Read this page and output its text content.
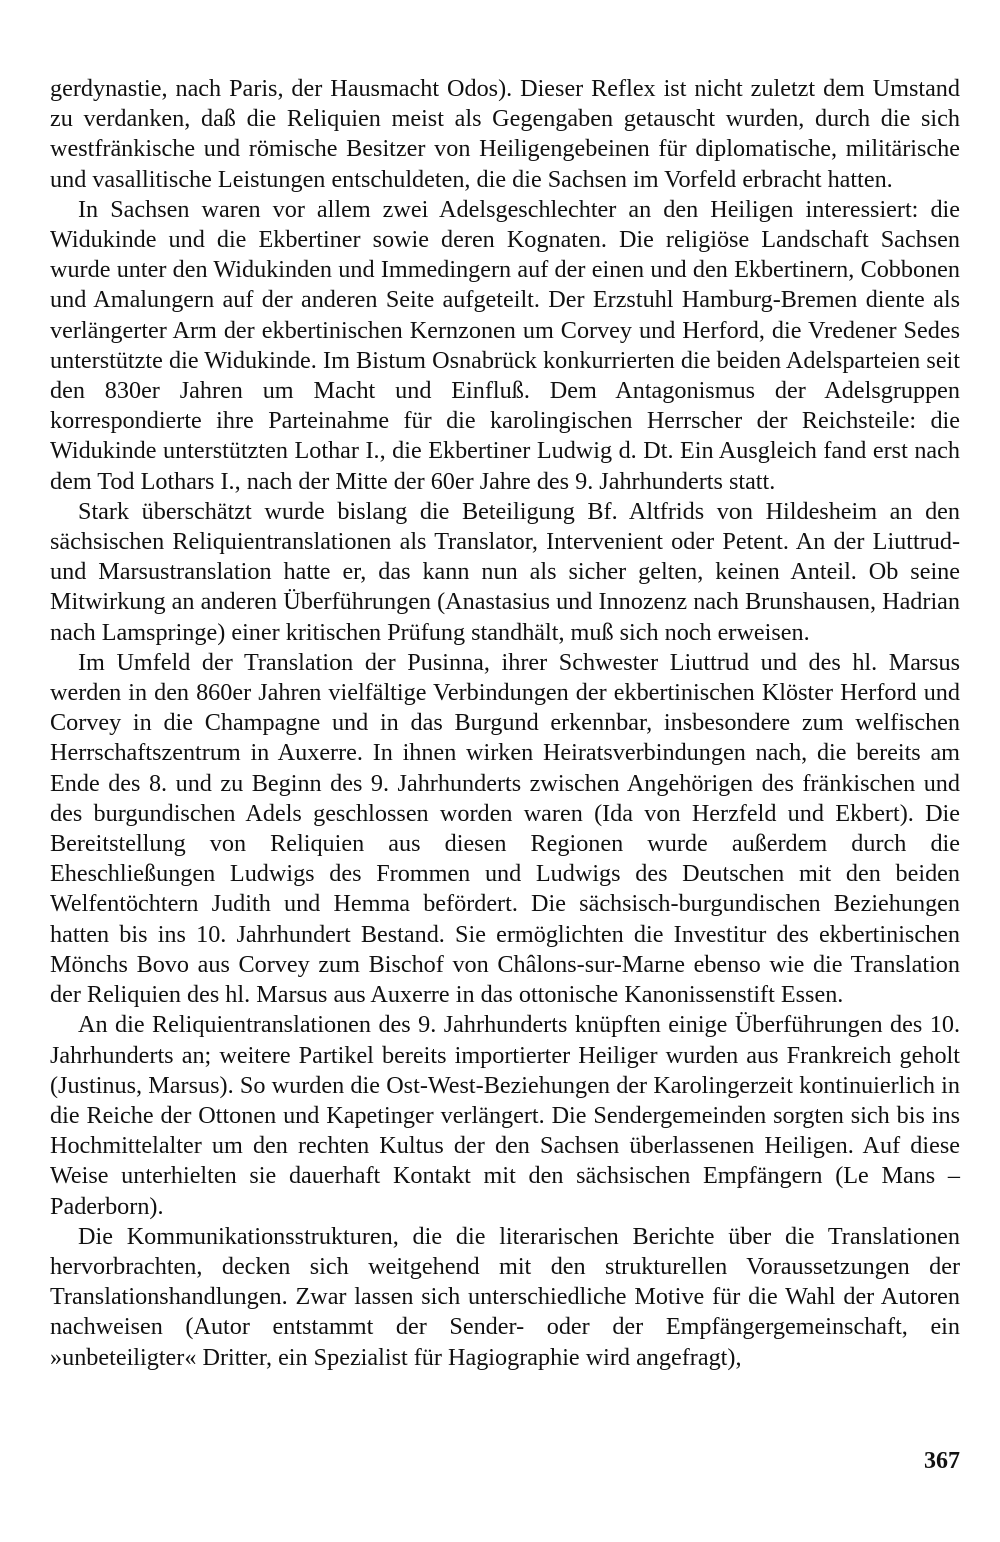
gerdynastie, nach Paris, der Hausmacht Odos). Dieser Reflex ist nicht zuletzt dem Umstand zu verdanken, daß die Reliquien meist als Gegengaben getauscht wurden, durch die sich westfränkische und römische Besitzer von Heiligengebeinen für diplomatische, militärische und vasallitische Leistungen entschuldeten, die die Sachsen im Vorfeld erbracht hatten.

In Sachsen waren vor allem zwei Adelsgeschlechter an den Heiligen interessiert: die Widukinde und die Ekbertiner sowie deren Kognaten. Die religiöse Landschaft Sachsen wurde unter den Widukinden und Immedingern auf der einen und den Ekbertinern, Cobbonen und Amalungern auf der anderen Seite aufgeteilt. Der Erzstuhl Hamburg-Bremen diente als verlängerter Arm der ekbertinischen Kernzonen um Corvey und Herford, die Vredener Sedes unterstützte die Widukinde. Im Bistum Osnabrück konkurrierten die beiden Adelsparteien seit den 830er Jahren um Macht und Einfluß. Dem Antagonismus der Adelsgruppen korrespondierte ihre Parteinahme für die karolingischen Herrscher der Reichsteile: die Widukinde unterstützten Lothar I., die Ekbertiner Ludwig d. Dt. Ein Ausgleich fand erst nach dem Tod Lothars I., nach der Mitte der 60er Jahre des 9. Jahrhunderts statt.

Stark überschätzt wurde bislang die Beteiligung Bf. Altfrids von Hildesheim an den sächsischen Reliquientranslationen als Translator, Intervenient oder Petent. An der Liuttrud- und Marsustranslation hatte er, das kann nun als sicher gelten, keinen Anteil. Ob seine Mitwirkung an anderen Überführungen (Anastasius und Innozenz nach Brunshausen, Hadrian nach Lamspringe) einer kritischen Prüfung standhält, muß sich noch erweisen.

Im Umfeld der Translation der Pusinna, ihrer Schwester Liuttrud und des hl. Marsus werden in den 860er Jahren vielfältige Verbindungen der ekbertinischen Klöster Herford und Corvey in die Champagne und in das Burgund erkennbar, insbesondere zum welfischen Herrschaftszentrum in Auxerre. In ihnen wirken Heiratsverbindungen nach, die bereits am Ende des 8. und zu Beginn des 9. Jahrhunderts zwischen Angehörigen des fränkischen und des burgundischen Adels geschlossen worden waren (Ida von Herzfeld und Ekbert). Die Bereitstellung von Reliquien aus diesen Regionen wurde außerdem durch die Eheschließungen Ludwigs des Frommen und Ludwigs des Deutschen mit den beiden Welfentöchtern Judith und Hemma befördert. Die sächsisch-burgundischen Beziehungen hatten bis ins 10. Jahrhundert Bestand. Sie ermöglichten die Investitur des ekbertinischen Mönchs Bovo aus Corvey zum Bischof von Châlons-sur-Marne ebenso wie die Translation der Reliquien des hl. Marsus aus Auxerre in das ottonische Kanonissenstift Essen.

An die Reliquientranslationen des 9. Jahrhunderts knüpften einige Überführungen des 10. Jahrhunderts an; weitere Partikel bereits importierter Heiliger wurden aus Frankreich geholt (Justinus, Marsus). So wurden die Ost-West-Beziehungen der Karolingerzeit kontinuierlich in die Reiche der Ottonen und Kapetinger verlängert. Die Sendergemeinden sorgten sich bis ins Hochmittelalter um den rechten Kultus der den Sachsen überlassenen Heiligen. Auf diese Weise unterhielten sie dauerhaft Kontakt mit den sächsischen Empfängern (Le Mans – Paderborn).

Die Kommunikationsstrukturen, die die literarischen Berichte über die Translationen hervorbrachten, decken sich weitgehend mit den strukturellen Voraussetzungen der Translationshandlungen. Zwar lassen sich unterschiedliche Motive für die Wahl der Autoren nachweisen (Autor entstammt der Sender- oder der Empfängergemeinschaft, ein »unbeteiligter« Dritter, ein Spezialist für Hagiographie wird angefragt),

367
